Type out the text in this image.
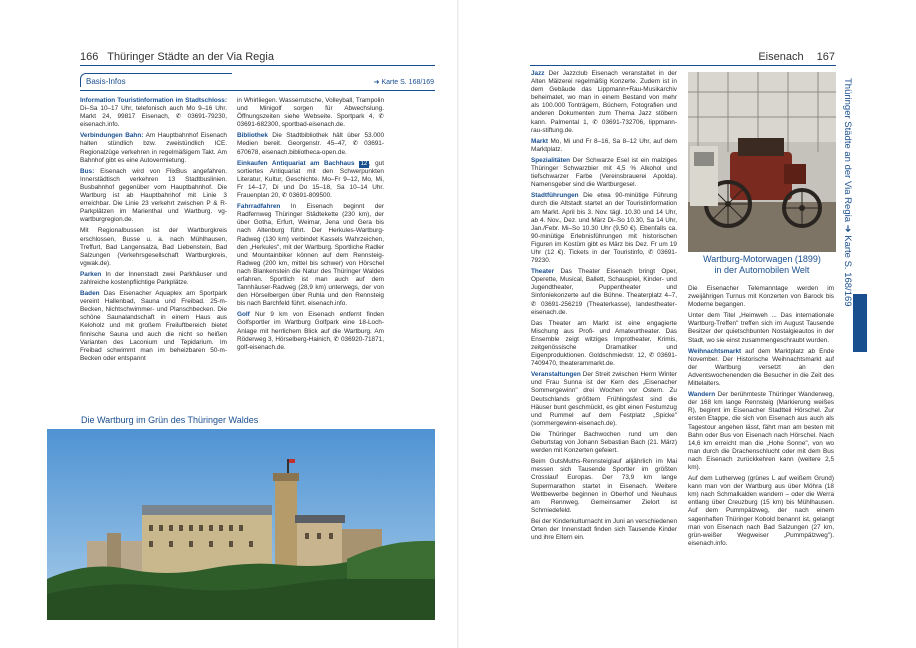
166 Thüringer Städte an der Via Regia
Basis-Infos	➜ Karte S. 168/169

Information Touristinformation im Stadtschloss: Di–Sa 10–17 Uhr, telefonisch auch Mo 9–16 Uhr. Markt 24, 99817 Eisenach, ✆ 03691-79230, eisenach.info.

Verbindungen Bahn: Am Hauptbahnhof Eisenach halten stündlich bzw. zweistündlich ICE. Regionalzüge verkehren in regelmäßigem Takt. Am Bahnhof gibt es eine Autovermietung.

Bus: Eisenach wird von FlixBus angefahren. Innerstädtisch verkehren 13 Stadtbuslinien. Busbahnhof gegenüber vom Hauptbahnhof. Die Wartburg ist ab Hauptbahnhof mit Linie 3 erreichbar. Die Linie 23 verkehrt zwischen P & R-Parkplätzen im Marienthal und Wartburg. vg-wartburgregion.de.

Mit Regionalbussen ist der Wartburgkreis erschlossen, Busse u. a. nach Mühlhausen, Treffurt, Bad Langensalza, Bad Liebenstein, Bad Salzungen (Verkehrsgesellschaft Wartburgkreis, vgwak.de).

Parken In der Innenstadt zwei Parkhäuser und zahlreiche kostenpflichtige Parkplätze.

Baden Das Eisenacher Aquaplex am Sportpark vereint Hallenbad, Sauna und Freibad. 25-m-Becken, Nichtschwimmer- und Planschbecken. Die schöne Saunalandschaft in einem Haus aus Keloholz und mit großem Freiluftbereich bietet finnische Sauna und auch die nicht so heißen Varianten des Laconium und Tepidarium. Im Freibad schwimmt man im beheizbaren 50-m-Becken oder entspannt

in Whirlliegen. Wasserrutsche, Volleyball, Trampolin und Minigolf sorgen für Abwechslung. Öffnungszeiten siehe Webseite. Sportpark 4, ✆ 03691-682300, sportbad-eisenach.de.

Bibliothek Die Stadtbibliothek hält über 53.000 Medien bereit. Georgenstr. 45–47, ✆ 03691-670678, eisenach.bibliotheca-open.de.

Einkaufen Antiquariat am Bachhaus 12 , gut sortiertes Antiquariat mit den Schwerpunkten Literatur, Kultur, Geschichte. Mo–Fr 9–12, Mo, Mi, Fr 14–17, Di und Do 15–18, Sa 10–14 Uhr. Frauenplan 20, ✆ 03691-809500.

Fahrradfahren In Eisenach beginnt der Radfernweg Thüringer Städtekette (230 km), der über Gotha, Erfurt, Weimar, Jena und Gera bis nach Altenburg führt. Der Herkules-Wartburg-Radweg (130 km) verbindet Kassels Wahrzeichen, den „Herkules", mit der Wartburg. Sportliche Radler und Mountainbiker können auf dem Rennsteig-Radweg (200 km, mittel bis schwer) von Hörschel nach Blankenstein die Natur des Thüringer Waldes erfahren. Sportlich ist man auch auf dem Tannhäuser-Radweg (28,9 km) unterwegs, der von den Hörselbergen über Ruhla und den Rennsteig bis nach Barchfeld führt. eisenach.info.

Golf Nur 9 km von Eisenach entfernt finden Golfsportler im Wartburg Golfpark eine 18-Loch-Anlage mit herrlichem Blick auf die Wartburg. Am Röderweg 3, Hörselberg-Hainich, ✆ 036920-71871, golf-eisenach.de.

Die Wartburg im Grün des Thüringer Waldes
Eisenach 167

Jazz Der Jazzclub Eisenach veranstaltet in der Alten Mälzerei regelmäßig Konzerte. Zudem ist in dem Gebäude das Lippmann+Rau-Musikarchiv beheimatet, wo man in einem Bestand von mehr als 100.000 Tonträgern, Büchern, Fotografien und anderen Dokumenten zum Thema Jazz stöbern kann. Palmental 1, ✆ 03691-732706, lippmann-rau-stiftung.de.

Markt Mo, Mi und Fr 8–16, Sa 8–12 Uhr, auf dem Marktplatz.

Spezialitäten Der Schwarze Esel ist ein malziges Thüringer Schwarzbier mit 4,5 % Alkohol und tiefschwarzer Farbe (Vereinsbrauerei Apolda). Namensgeber sind die Wartburgesel.

Stadtführungen Die etwa 90-minütige Führung durch die Altstadt startet an der Touristinformation am Markt. April bis 3. Nov. tägl. 10.30 und 14 Uhr, ab 4. Nov., Dez. und März Di–So 10.30, Sa 14 Uhr, Jan./Febr. Mi–So 10.30 Uhr (9,50 €). Ebenfalls ca. 90-minütige Erlebnisführungen mit historischen Figuren im Kostüm gibt es März bis Dez. Fr um 19 Uhr (12 €). Tickets in der Touristinfo, ✆ 03691-79230.

Theater Das Theater Eisenach bringt Oper, Operette, Musical, Ballett, Schauspiel, Kinder- und Jugendtheater, Puppentheater und Sinfoniekonzerte auf die Bühne. Theaterplatz 4–7, ✆ 03691-256219 (Theaterkasse), landestheater-eisenach.de.

Das Theater am Markt ist eine engagierte Mischung aus Profi- und Amateurtheater. Das Ensemble zeigt witziges Improtheater, Krimis, zeitgenössische Dramatiker und Eigenproduktionen. Goldschmiedstr. 12, ✆ 03691-7409470, theaterammarkt.de.

Veranstaltungen Der Streit zwischen Herrn Winter und Frau Sunna ist der Kern des „Eisenacher Sommergewinn" drei Wochen vor Ostern. Zu Deutschlands größtem Frühlingsfest sind die Häuser bunt geschmückt, es gibt einen Festumzug und Rummel auf dem Festplatz „Spicke" (sommergewinn-eisenach.de).

Die Thüringer Bachwochen rund um den Geburtstag von Johann Sebastian Bach (21. März) werden mit Konzerten gefeiert.

Beim GutsMuths-Rennsteiglauf alljährlich im Mai messen sich Tausende Sportler im größten Crosslauf Europas. Der 73,9 km lange Supermarathon startet in Eisenach. Weitere Wettbewerbe beginnen in Oberhof und Neuhaus am Rennweg. Gemeinsamer Zielort ist Schmiedefeld.

Bei der Kinderkulturnacht im Juni an verschiedenen Orten der Innenstadt finden sich Tausende Kinder und ihre Eltern ein.

Wartburg-Motorwagen (1899)
in der Automobilen Welt

Die Eisenacher Telemanntage werden im zweijährigen Turnus mit Konzerten von Barock bis Moderne begangen.

Unter dem Titel „Heimweh ... Das internationale Wartburg-Treffen" treffen sich im August Tausende Besitzer der quietschbunten Nostalgieautos in der Stadt, wo sie einst zusammengeschraubt wurden.

Weihnachtsmarkt auf dem Marktplatz ab Ende November. Der Historische Weihnachtsmarkt auf der Wartburg versetzt an den Adventswochenenden die Besucher in die Zeit des Mittelalters.

Wandern Der berühmteste Thüringer Wanderweg, der 168 km lange Rennsteig (Markierung weißes R), beginnt im Eisenacher Stadtteil Hörschel. Zur ersten Etappe, die sich von Eisenach aus auch als Tagestour angehen lässt, fährt man am besten mit Bahn oder Bus von Eisenach nach Hörschel. Nach 14,6 km erreicht man die „Hohe Sonne", von wo man durch die Drachenschlucht oder mit dem Bus nach Eisenach zurückkehren kann (weitere 2,5 km).

Auf dem Lutherweg (grünes L auf weißem Grund) kann man von der Wartburg aus über Möhra (18 km) nach Schmalkalden wandern – oder die Werra entlang über Creuzburg (15 km) bis Mühlhausen. Auf dem Pummpälzweg, der nach einem sagenhaften Thüringer Kobold benannt ist, gelangt man von Eisenach nach Bad Salzungen (27 km, grün-weißer Wegweiser „Pummpälzweg"). eisenach.info.

Thüringer Städte an der Via Regia ➜ Karte S. 168/169
